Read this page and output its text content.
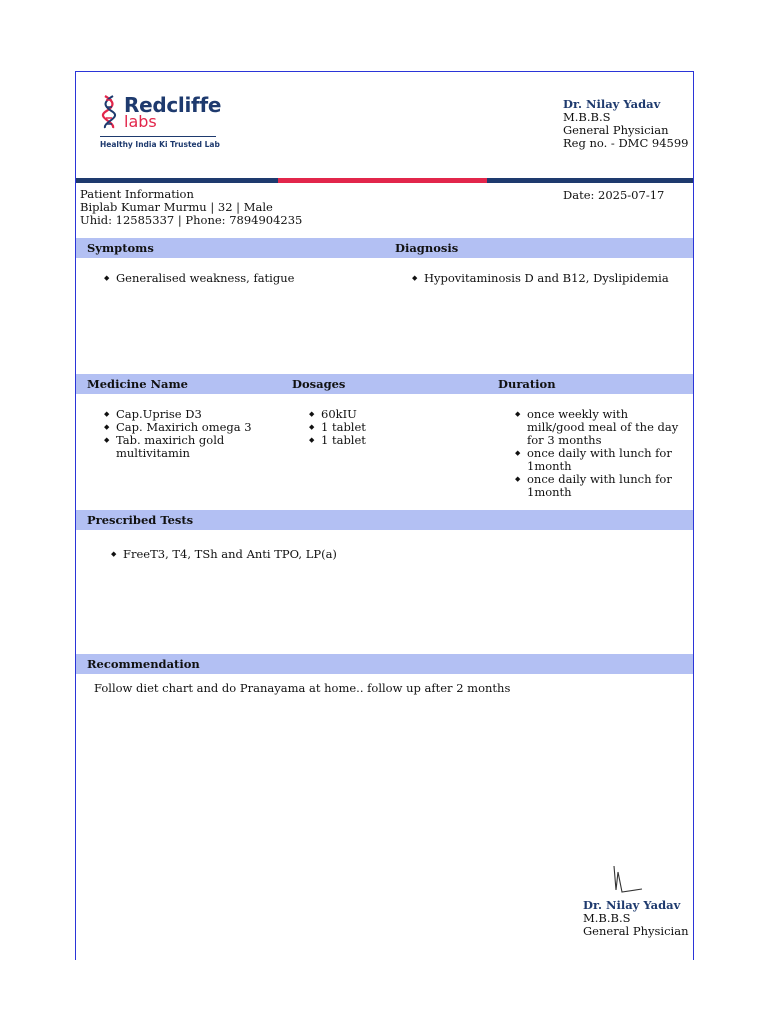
Redcliffe
labs
Healthy India Ki Trusted Lab
Dr. Nilay Yadav
M.B.B.S
General Physician
Reg no. - DMC 94599
Patient Information
Biplab Kumar Murmu | 32 | Male
Uhid: 12585337 | Phone: 7894904235
Date: 2025-07-17
Symptoms	Diagnosis
◆ Generalised weakness, fatigue
◆	Hypovitaminosis D and B12, Dyslipidemia
Medicine Name	Dosages	Duration
◆ Cap.Uprise D3
◆ Cap. Maxirich omega 3
◆ Tab. maxirich gold multivitamin
◆ 60kIU
◆ 1 tablet
◆ 1 tablet
◆ once weekly with milk/good meal of the day for 3 months
◆ once daily with lunch for 1month
◆ once daily with lunch for 1month
Prescribed Tests
◆ FreeT3, T4, TSh and Anti TPO, LP(a)
Recommendation
Follow diet chart and do Pranayama at home.. follow up after 2 months
Dr. Nilay Yadav
M.B.B.S
General Physician
